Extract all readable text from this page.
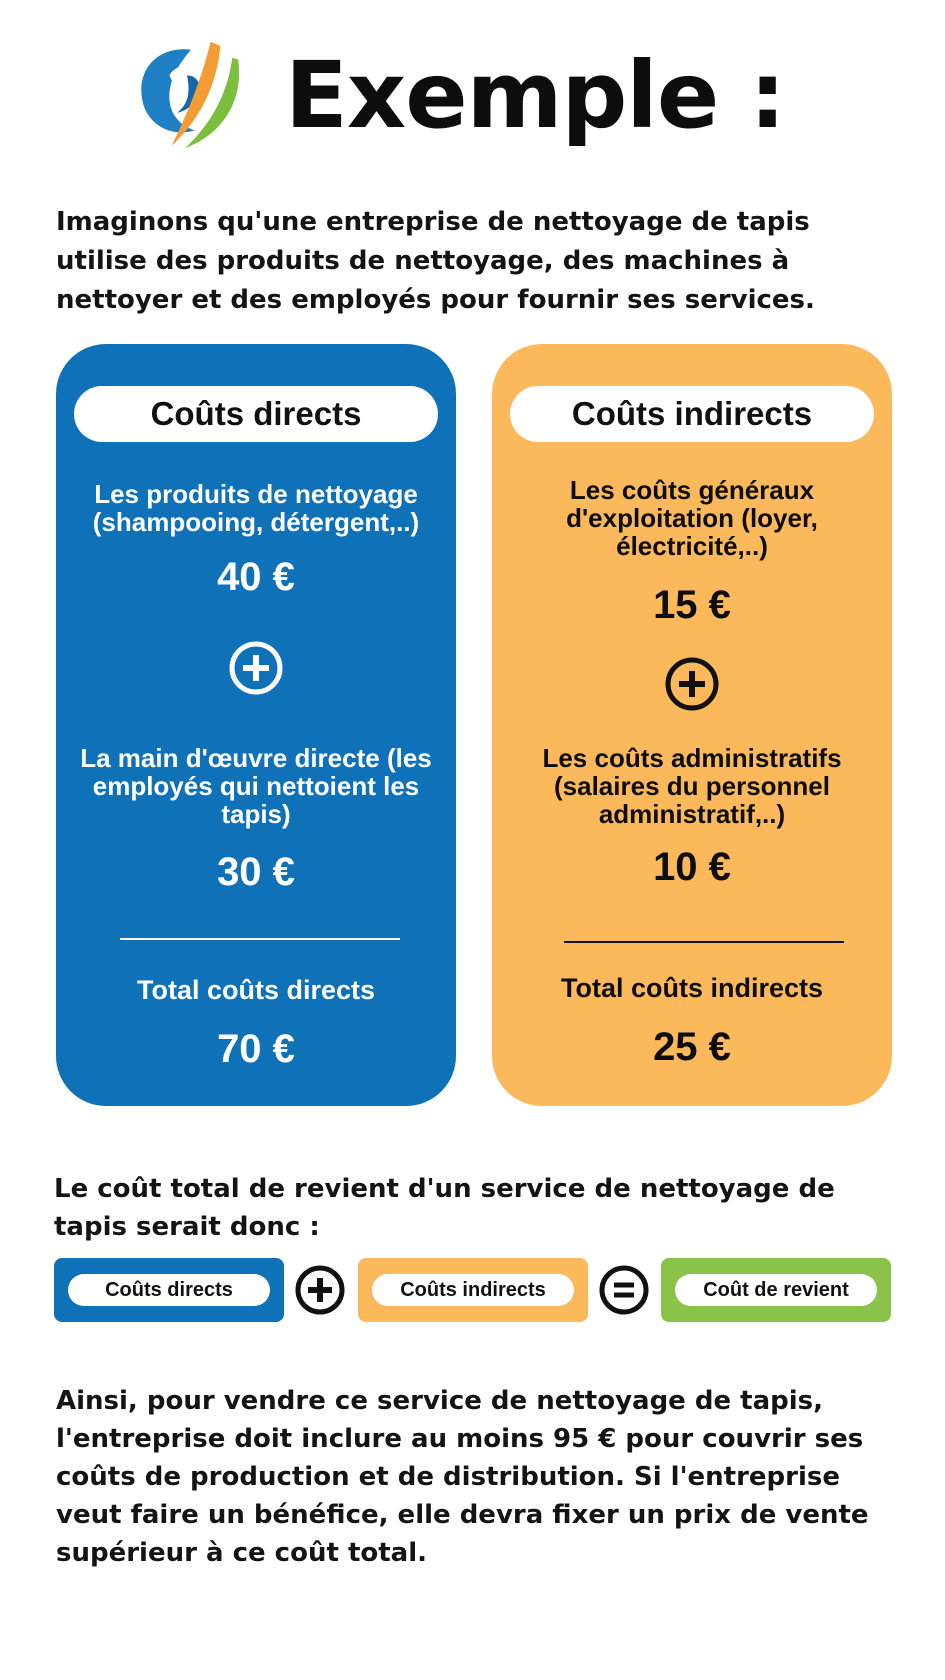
Exemple :
Imaginons qu'une entreprise de nettoyage de tapis utilise des produits de nettoyage, des machines à nettoyer et des employés pour fournir ses services.
Coûts directs
Les produits de nettoyage (shampooing, détergent,..)
40 €
La main d'œuvre directe (les employés qui nettoient les tapis)
30 €
Total coûts directs
70 €
Coûts indirects
Les coûts généraux d'exploitation (loyer, électricité,..)
15 €
Les coûts administratifs (salaires du personnel administratif,..)
10 €
Total coûts indirects
25 €
Le coût total de revient d'un service de nettoyage de tapis serait donc :
Coûts directs	Coûts indirects	Coût de revient
Ainsi, pour vendre ce service de nettoyage de tapis, l'entreprise doit inclure au moins 95 € pour couvrir ses coûts de production et de distribution. Si l'entreprise veut faire un bénéfice, elle devra fixer un prix de vente supérieur à ce coût total.
